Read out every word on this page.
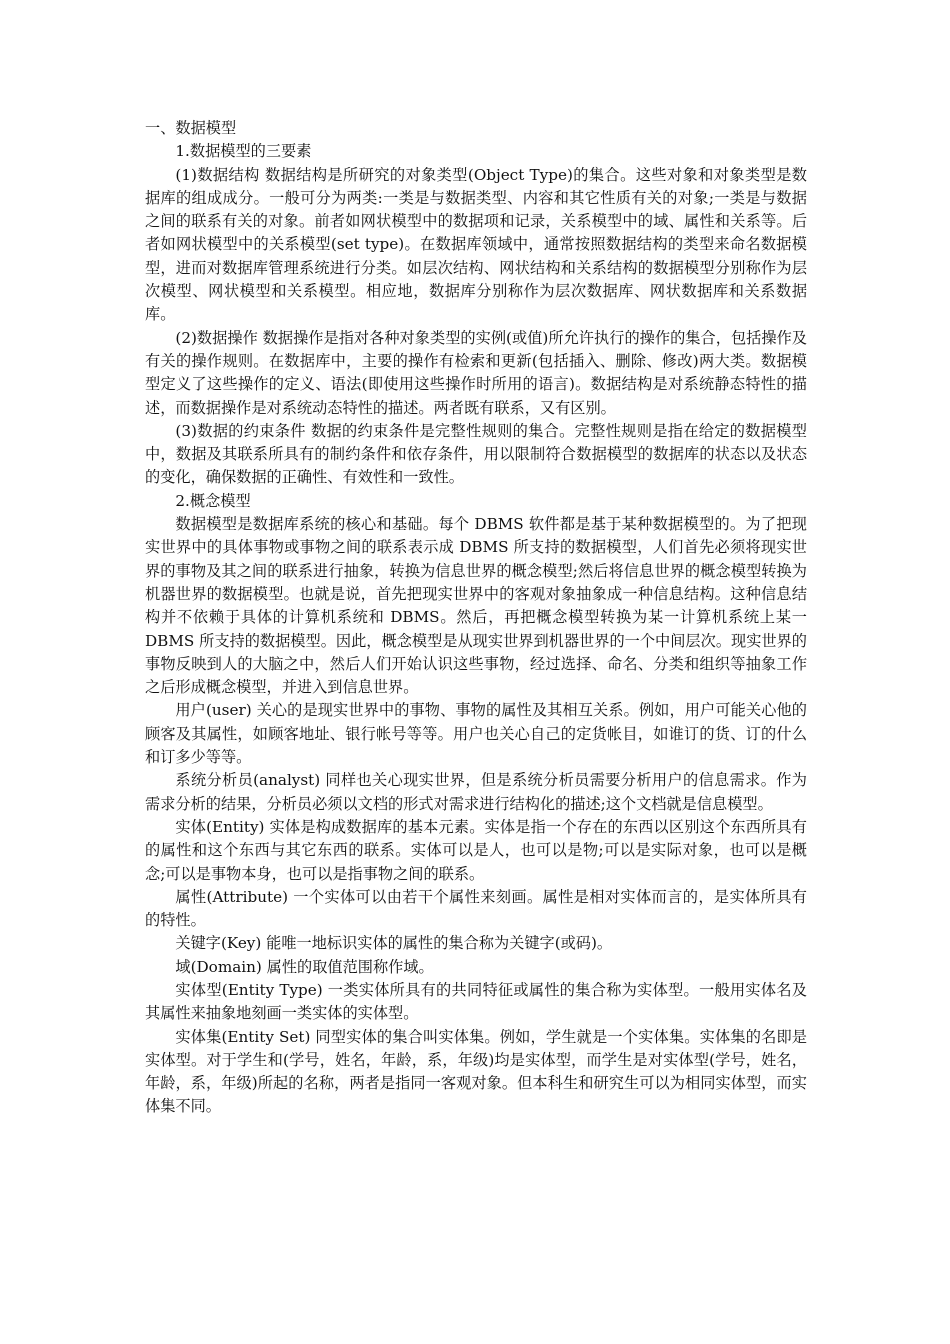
一、数据模型

1.数据模型的三要素

(1)数据结构 数据结构是所研究的对象类型(Object Type)的集合。这些对象和对象类型是数据库的组成成分。一般可分为两类:一类是与数据类型、内容和其它性质有关的对象;一类是与数据之间的联系有关的对象。前者如网状模型中的数据项和记录，关系模型中的域、属性和关系等。后者如网状模型中的关系模型(set type)。在数据库领域中，通常按照数据结构的类型来命名数据模型，进而对数据库管理系统进行分类。如层次结构、网状结构和关系结构的数据模型分别称作为层次模型、网状模型和关系模型。相应地，数据库分别称作为层次数据库、网状数据库和关系数据库。

(2)数据操作 数据操作是指对各种对象类型的实例(或值)所允许执行的操作的集合，包括操作及有关的操作规则。在数据库中，主要的操作有检索和更新(包括插入、删除、修改)两大类。数据模型定义了这些操作的定义、语法(即使用这些操作时所用的语言)。数据结构是对系统静态特性的描述，而数据操作是对系统动态特性的描述。两者既有联系，又有区别。

(3)数据的约束条件 数据的约束条件是完整性规则的集合。完整性规则是指在给定的数据模型中，数据及其联系所具有的制约条件和依存条件，用以限制符合数据模型的数据库的状态以及状态的变化，确保数据的正确性、有效性和一致性。

2.概念模型

数据模型是数据库系统的核心和基础。每个 DBMS 软件都是基于某种数据模型的。为了把现实世界中的具体事物或事物之间的联系表示成 DBMS 所支持的数据模型，人们首先必须将现实世界的事物及其之间的联系进行抽象，转换为信息世界的概念模型;然后将信息世界的概念模型转换为机器世界的数据模型。也就是说，首先把现实世界中的客观对象抽象成一种信息结构。这种信息结构并不依赖于具体的计算机系统和 DBMS。然后，再把概念模型转换为某一计算机系统上某一 DBMS 所支持的数据模型。因此，概念模型是从现实世界到机器世界的一个中间层次。现实世界的事物反映到人的大脑之中，然后人们开始认识这些事物，经过选择、命名、分类和组织等抽象工作之后形成概念模型，并进入到信息世界。

用户(user) 关心的是现实世界中的事物、事物的属性及其相互关系。例如，用户可能关心他的顾客及其属性，如顾客地址、银行帐号等等。用户也关心自己的定货帐目，如谁订的货、订的什么和订多少等等。

系统分析员(analyst) 同样也关心现实世界，但是系统分析员需要分析用户的信息需求。作为需求分析的结果，分析员必须以文档的形式对需求进行结构化的描述;这个文档就是信息模型。

实体(Entity) 实体是构成数据库的基本元素。实体是指一个存在的东西以区别这个东西所具有的属性和这个东西与其它东西的联系。实体可以是人，也可以是物;可以是实际对象，也可以是概念;可以是事物本身，也可以是指事物之间的联系。

属性(Attribute) 一个实体可以由若干个属性来刻画。属性是相对实体而言的，是实体所具有的特性。

关键字(Key) 能唯一地标识实体的属性的集合称为关键字(或码)。

域(Domain) 属性的取值范围称作域。

实体型(Entity Type) 一类实体所具有的共同特征或属性的集合称为实体型。一般用实体名及其属性来抽象地刻画一类实体的实体型。

实体集(Entity Set) 同型实体的集合叫实体集。例如，学生就是一个实体集。实体集的名即是实体型。对于学生和(学号，姓名，年龄，系，年级)均是实体型，而学生是对实体型(学号，姓名，年龄，系，年级)所起的名称，两者是指同一客观对象。但本科生和研究生可以为相同实体型，而实体集不同。
